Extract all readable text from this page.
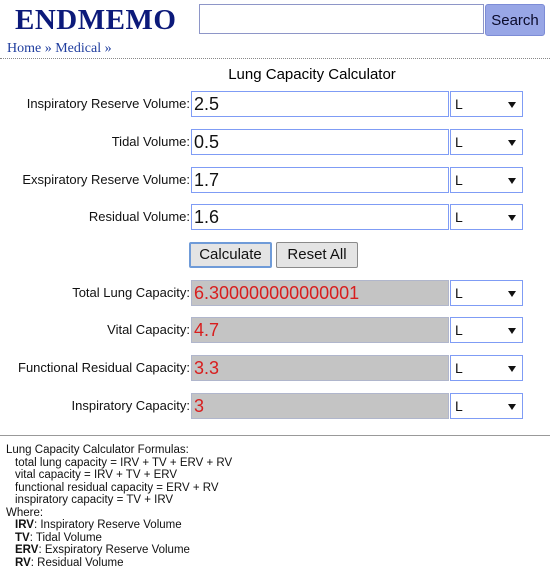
ENDMEMO	Search
Home » Medical »
Lung Capacity Calculator
Inspiratory Reserve Volume: 2.5	L
Tidal Volume: 0.5	L
Exspiratory Reserve Volume: 1.7	L
Residual Volume: 1.6	L
Calculate	Reset All
Total Lung Capacity: 6.300000000000001	L
Vital Capacity: 4.7	L
Functional Residual Capacity: 3.3	L
Inspiratory Capacity: 3	L
Lung Capacity Calculator Formulas:
total lung capacity = IRV + TV + ERV + RV
vital capacity = IRV + TV + ERV
functional residual capacity = ERV + RV
inspiratory capacity = TV + IRV
Where:
IRV: Inspiratory Reserve Volume
TV: Tidal Volume
ERV: Exspiratory Reserve Volume
RV: Residual Volume
